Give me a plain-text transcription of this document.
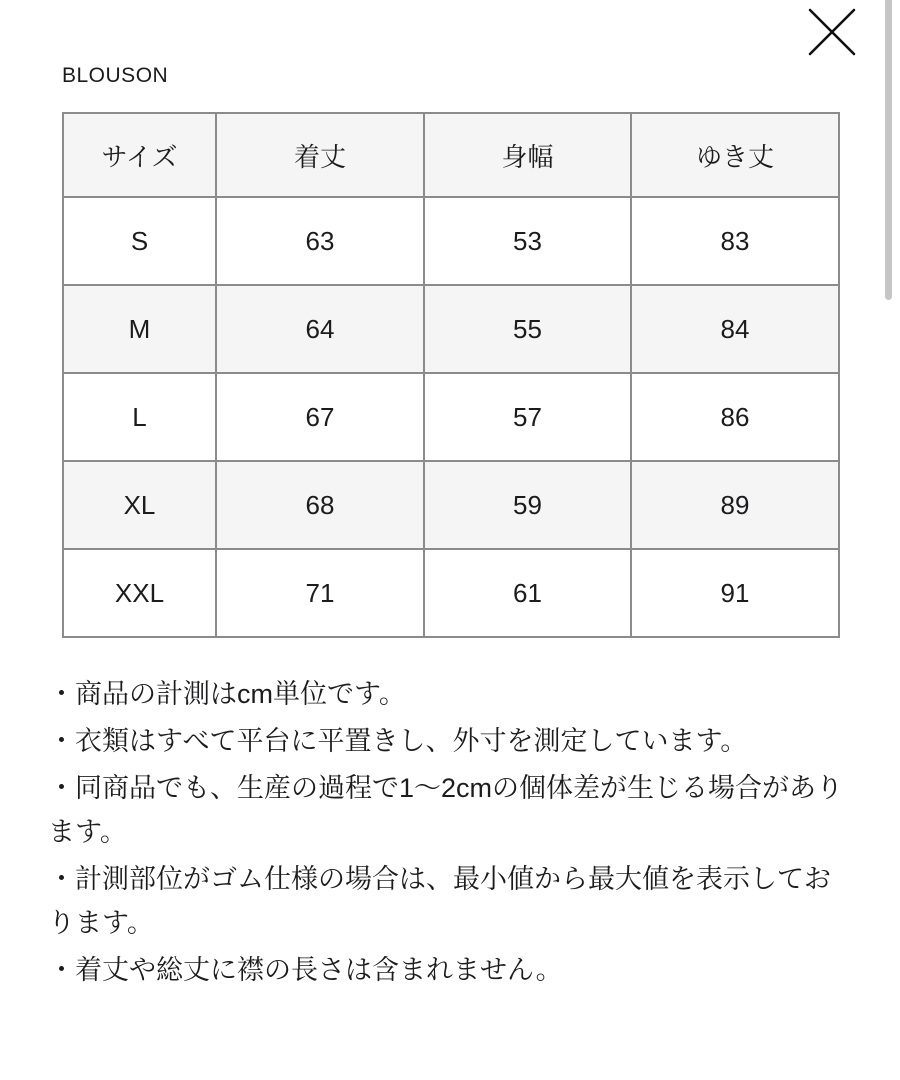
BLOUSON
サイズ	着丈	身幅	ゆき丈
S	63	53	83
M	64	55	84
L	67	57	86
XL	68	59	89
XXL	71	61	91

・商品の計測はcm単位です。

・衣類はすべて平台に平置きし、外寸を測定しています。

・同商品でも、生産の過程で1〜2cmの個体差が生じる場合があります。

・計測部位がゴム仕様の場合は、最小値から最大値を表示しております。

・着丈や総丈に襟の長さは含まれません。
